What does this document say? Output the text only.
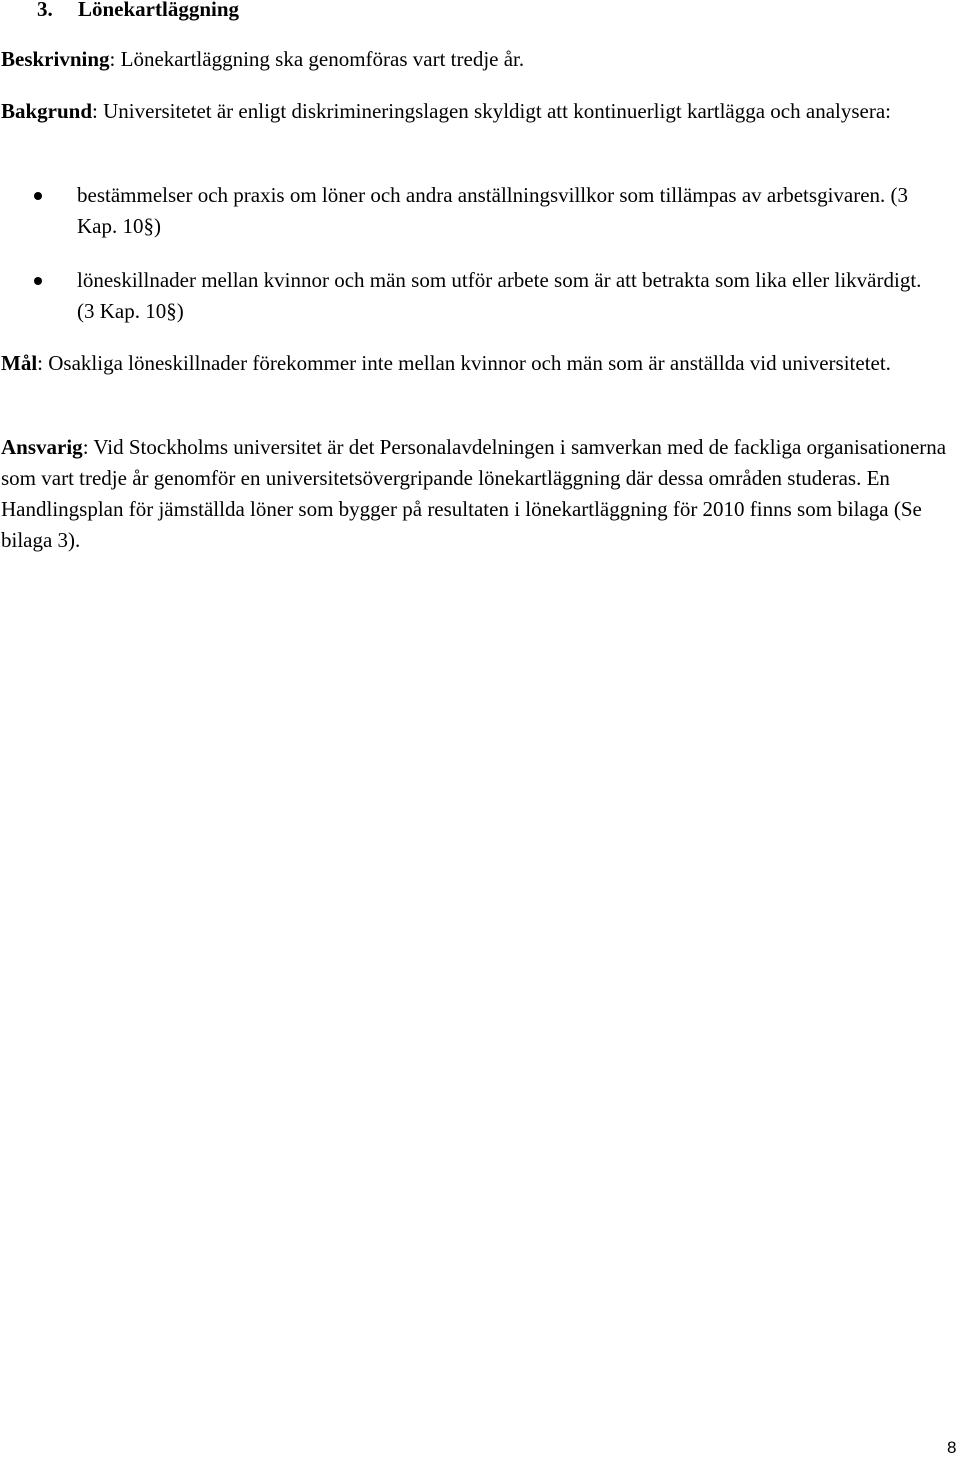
3. Lönekartläggning

Beskrivning: Lönekartläggning ska genomföras vart tredje år.

Bakgrund: Universitetet är enligt diskrimineringslagen skyldigt att kontinuerligt kartlägga och analysera:

bestämmelser och praxis om löner och andra anställningsvillkor som tillämpas av arbetsgivaren. (3 Kap. 10§)
löneskillnader mellan kvinnor och män som utför arbete som är att betrakta som lika eller likvärdigt. (3 Kap. 10§)

Mål: Osakliga löneskillnader förekommer inte mellan kvinnor och män som är anställda vid universitetet.

Ansvarig: Vid Stockholms universitet är det Personalavdelningen i samverkan med de fackliga organisationerna som vart tredje år genomför en universitetsövergripande lönekartläggning där dessa områden studeras. En Handlingsplan för jämställda löner som bygger på resultaten i lönekartläggning för 2010 finns som bilaga (Se bilaga 3).

8
